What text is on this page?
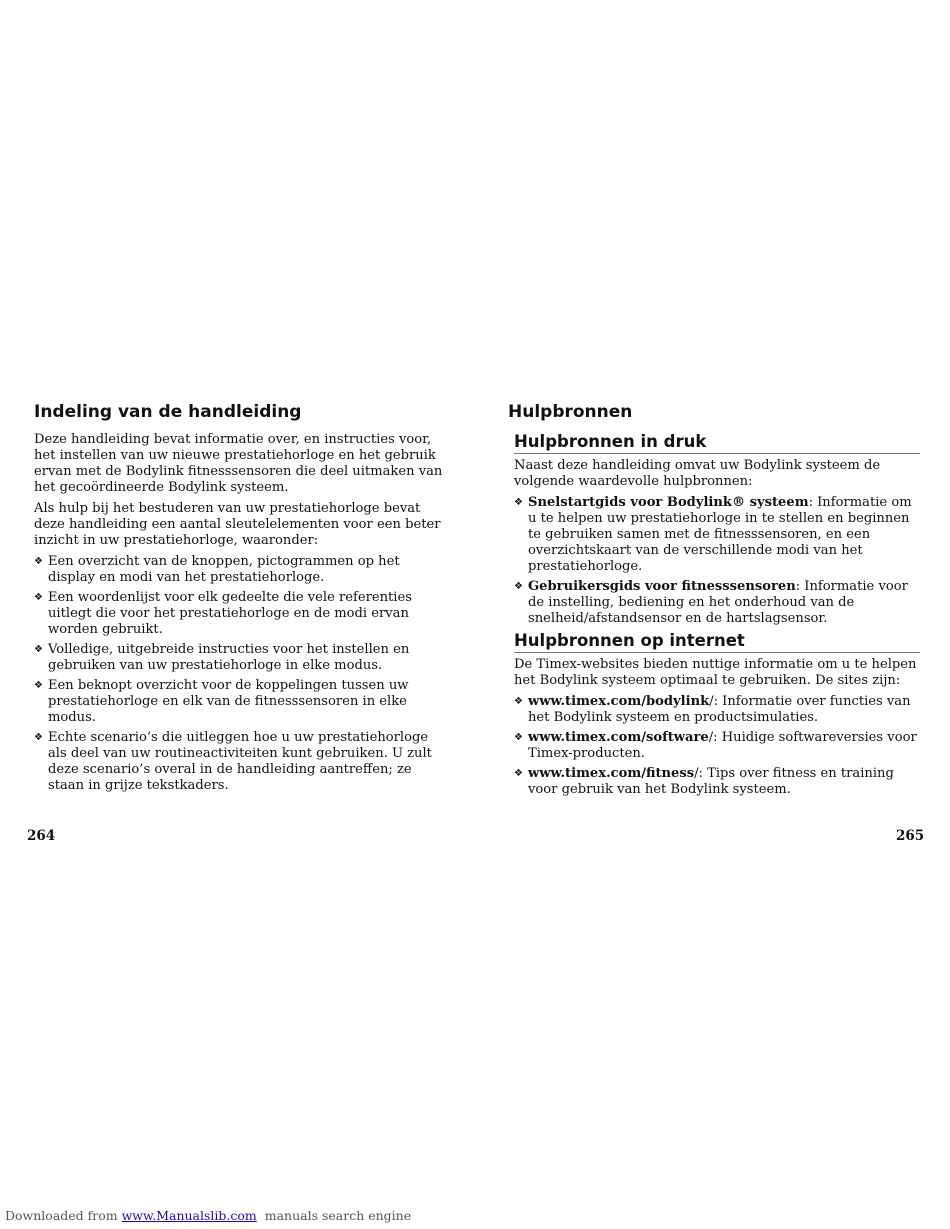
Indeling van de handleiding

Deze handleiding bevat informatie over, en instructies voor, het instellen van uw nieuwe prestatiehorloge en het gebruik ervan met de Bodylink fitnesssensoren die deel uitmaken van het gecoördineerde Bodylink systeem.

Als hulp bij het bestuderen van uw prestatiehorloge bevat deze handleiding een aantal sleutelelementen voor een beter inzicht in uw prestatiehorloge, waaronder:

❖ Een overzicht van de knoppen, pictogrammen op het display en modi van het prestatiehorloge.
❖ Een woordenlijst voor elk gedeelte die vele referenties uitlegt die voor het prestatiehorloge en de modi ervan worden gebruikt.
❖ Volledige, uitgebreide instructies voor het instellen en gebruiken van uw prestatiehorloge in elke modus.
❖ Een beknopt overzicht voor de koppelingen tussen uw prestatiehorloge en elk van de fitnesssensoren in elke modus.
❖ Echte scenario’s die uitleggen hoe u uw prestatiehorloge als deel van uw routineactiviteiten kunt gebruiken. U zult deze scenario’s overal in de handleiding aantreffen; ze staan in grijze tekstkaders.
Hulpbronnen
Hulpbronnen in druk

Naast deze handleiding omvat uw Bodylink systeem de volgende waardevolle hulpbronnen:

❖ Snelstartgids voor Bodylink® systeem: Informatie om u te helpen uw prestatiehorloge in te stellen en beginnen te gebruiken samen met de fitnesssensoren, en een overzichtskaart van de verschillende modi van het prestatiehorloge.
❖ Gebruikersgids voor fitnesssensoren: Informatie voor de instelling, bediening en het onderhoud van de snelheid/afstandsensor en de hartslagsensor.
Hulpbronnen op internet

De Timex-websites bieden nuttige informatie om u te helpen het Bodylink systeem optimaal te gebruiken. De sites zijn:

❖ www.timex.com/bodylink/: Informatie over functies van het Bodylink systeem en productsimulaties.
❖ www.timex.com/software/: Huidige softwareversies voor Timex-producten.
❖ www.timex.com/fitness/: Tips over fitness en training voor gebruik van het Bodylink systeem.
264	265
Downloaded from www.Manualslib.com  manuals search engine
